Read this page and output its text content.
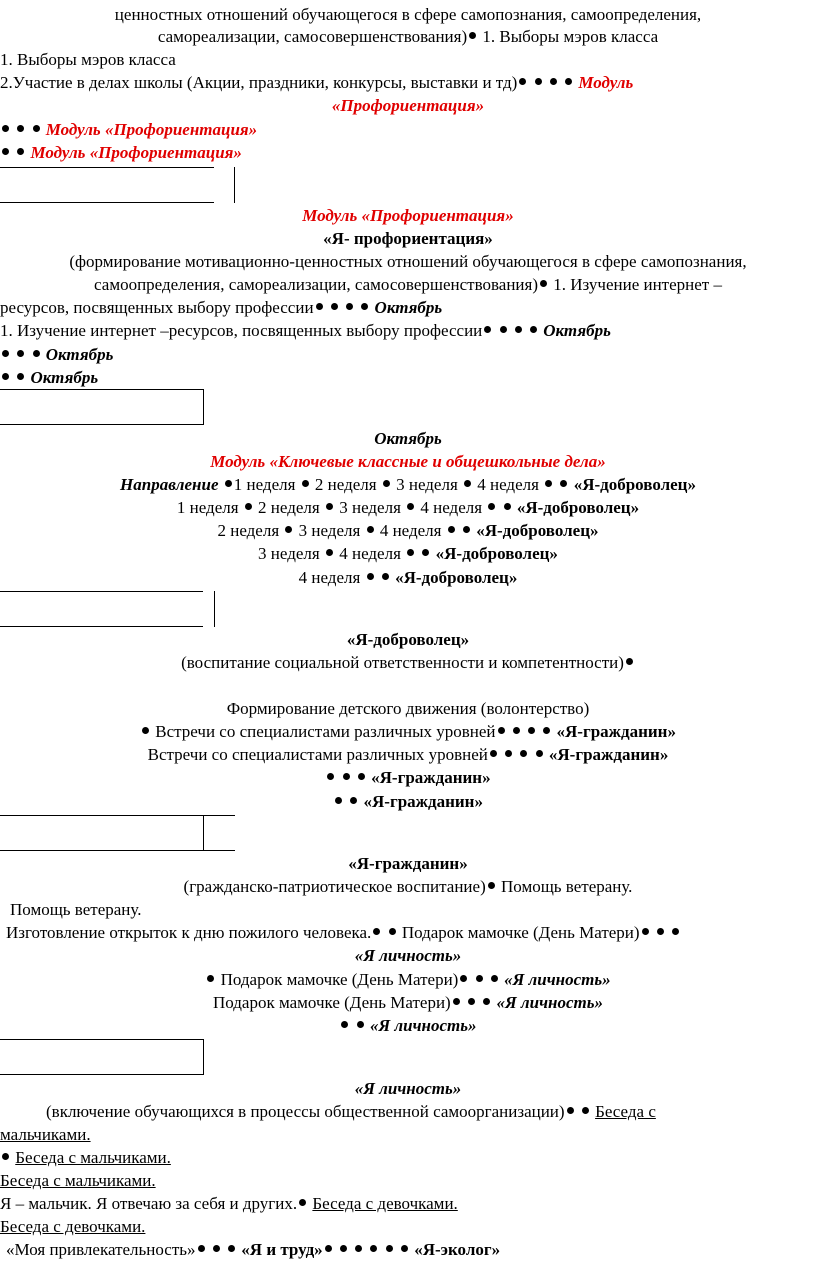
ценностных отношений обучающегося в сфере самопознания, самоопределения,
самореализации, самосовершенствования) 1. Выборы мэров класса
1. Выборы мэров класса
2.Участие в делах школы (Акции, праздники, конкурсы, выставки и тд)	Модуль
«Профориентация»
Модуль «Профориентация»
Модуль «Профориентация»
Модуль «Профориентация»
«Я- профориентация»
(формирование мотивационно-ценностных отношений обучающегося в сфере самопознания,
самоопределения, самореализации, самосовершенствования) 1. Изучение интернет –
ресурсов, посвященных выбору профессии	Октябрь
1. Изучение интернет –ресурсов, посвященных выбору профессии	Октябрь
Октябрь
Октябрь
Октябрь
Модуль «Ключевые классные и общешкольные дела»
Направление 1 неделя 2 неделя 3 неделя 4 неделя «Я-доброволец»
1 неделя 2 неделя 3 неделя 4 неделя «Я-доброволец»
2 неделя 3 неделя 4 неделя «Я-доброволец»
3 неделя 4 неделя «Я-доброволец»
4 неделя «Я-доброволец»
«Я-доброволец»
(воспитание социальной ответственности и компетентности)
Формирование детского движения (волонтерство)
Встречи со специалистами различных уровней	«Я-гражданин»
Встречи со специалистами различных уровней	«Я-гражданин»
«Я-гражданин»
«Я-гражданин»
«Я-гражданин»
(гражданско-патриотическое воспитание) Помощь ветерану.
Помощь ветерану.
Изготовление открыток к дню пожилого человека. Подарок мамочке (День Матери)
«Я личность»
Подарок мамочке (День Матери)	«Я личность»
Подарок мамочке (День Матери)	«Я личность»
«Я личность»
«Я личность»
(включение обучающихся в процессы общественной самоорганизации) Беседа с
мальчиками.
Беседа с мальчиками.
Беседа с мальчиками.
Я – мальчик. Я отвечаю за себя и других. Беседа с девочками.
Беседа с девочками.
«Моя привлекательность»	«Я и труд»	«Я-эколог»
